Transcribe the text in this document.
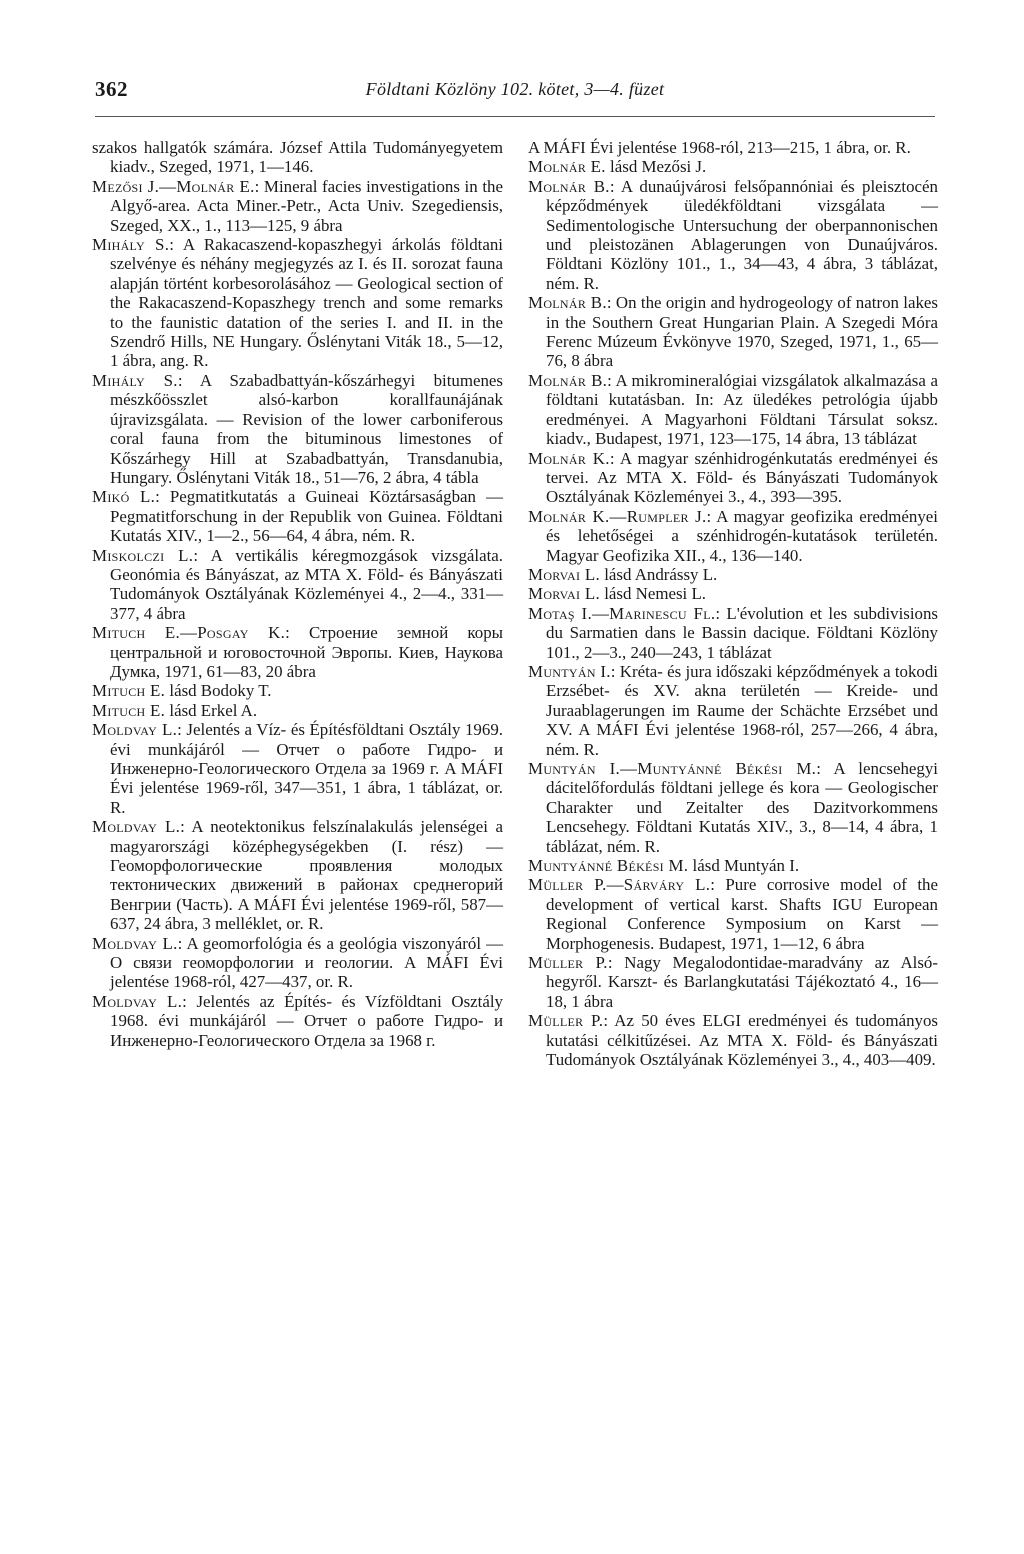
362	Földtani Közlöny 102. kötet, 3—4. füzet

szakos hallgatók számára. József Attila Tudományegyetem kiadv., Szeged, 1971, 1—146.

Mezősi J.—Molnár E.: Mineral facies investigations in the Algyő-area. Acta Miner.-Petr., Acta Univ. Szegediensis, Szeged, XX., 1., 113—125, 9 ábra

Mihály S.: A Rakacaszend-kopaszhegyi árkolás földtani szelvénye és néhány megjegyzés az I. és II. sorozat fauna alapján történt korbesorolásához — Geological section of the Rakacaszend-Kopaszhegy trench and some remarks to the faunistic datation of the series I. and II. in the Szendrő Hills, NE Hungary. Őslénytani Viták 18., 5—12, 1 ábra, ang. R.

Mihály S.: A Szabadbattyán-kőszárhegyi bitumenes mészkőösszlet alsó-karbon korallfaunájának újravizsgálata. — Revision of the lower carboniferous coral fauna from the bituminous limestones of Kőszárhegy Hill at Szabadbattyán, Transdanubia, Hungary. Őslénytani Viták 18., 51—76, 2 ábra, 4 tábla

Mikó L.: Pegmatitkutatás a Guineai Köztársaságban — Pegmatitforschung in der Republik von Guinea. Földtani Kutatás XIV., 1—2., 56—64, 4 ábra, ném. R.

Miskolczi L.: A vertikális kéregmozgások vizsgálata. Geonómia és Bányászat, az MTA X. Föld- és Bányászati Tudományok Osztályának Közleményei 4., 2—4., 331—377, 4 ábra

Mituch E.—Posgay K.: Строение земной коры центральной и юговосточной Эвропы. Киев, Наукова Думка, 1971, 61—83, 20 ábra

Mituch E. lásd Bodoky T.

Mituch E. lásd Erkel A.

Moldvay L.: Jelentés a Víz- és Építésföldtani Osztály 1969. évi munkájáról — Отчет о работе Гидро- и Инженерно-Геологического Отдела за 1969 г. A MÁFI Évi jelentése 1969-ről, 347—351, 1 ábra, 1 táblázat, or. R.

Moldvay L.: A neotektonikus felszínalakulás jelenségei a magyarországi középhegységekben (I. rész) — Геоморфологические проявления молодых тектонических движений в районах среднегорий Венгрии (Часть). A MÁFI Évi jelentése 1969-ről, 587—637, 24 ábra, 3 melléklet, or. R.

Moldvay L.: A geomorfológia és a geológia viszonyáról — О связи геоморфологии и геологии. A MÁFI Évi jelentése 1968-ról, 427—437, or. R.

Moldvay L.: Jelentés az Építés- és Vízföldtani Osztály 1968. évi munkájáról — Отчет о работе Гидро- и Инженерно-Геологического Отдела за 1968 г.

A MÁFI Évi jelentése 1968-ról, 213—215, 1 ábra, or. R.

Molnár E. lásd Mezősi J.

Molnár B.: A dunaújvárosi felsőpannóniai és pleisztocén képződmények üledékföldtani vizsgálata — Sedimentologische Untersuchung der oberpannonischen und pleistozänen Ablagerungen von Dunaújváros. Földtani Közlöny 101., 1., 34—43, 4 ábra, 3 táblázat, ném. R.

Molnár B.: On the origin and hydrogeology of natron lakes in the Southern Great Hungarian Plain. A Szegedi Móra Ferenc Múzeum Évkönyve 1970, Szeged, 1971, 1., 65—76, 8 ábra

Molnár B.: A mikromineralógiai vizsgálatok alkalmazása a földtani kutatásban. In: Az üledékes petrológia újabb eredményei. A Magyarhoni Földtani Társulat soksz. kiadv., Budapest, 1971, 123—175, 14 ábra, 13 táblázat

Molnár K.: A magyar szénhidrogénkutatás eredményei és tervei. Az MTA X. Föld- és Bányászati Tudományok Osztályának Közleményei 3., 4., 393—395.

Molnár K.—Rumpler J.: A magyar geofizika eredményei és lehetőségei a szénhidrogén-kutatások területén. Magyar Geofizika XII., 4., 136—140.

Morvai L. lásd Andrássy L.

Morvai L. lásd Nemesi L.

Motaş I.—Marinescu Fl.: L'évolution et les subdivisions du Sarmatien dans le Bassin dacique. Földtani Közlöny 101., 2—3., 240—243, 1 táblázat

Muntyán I.: Kréta- és jura időszaki képződmények a tokodi Erzsébet- és XV. akna területén — Kreide- und Juraablagerungen im Raume der Schächte Erzsébet und XV. A MÁFI Évi jelentése 1968-ról, 257—266, 4 ábra, ném. R.

Muntyán I.—Muntyánné Békési M.: A lencsehegyi dácitelőfordulás földtani jellege és kora — Geologischer Charakter und Zeitalter des Dazitvorkommens Lencsehegy. Földtani Kutatás XIV., 3., 8—14, 4 ábra, 1 táblázat, ném. R.

Muntyánné Békési M. lásd Muntyán I.

Müller P.—Sárváry L.: Pure corrosive model of the development of vertical karst. Shafts IGU European Regional Conference Symposium on Karst — Morphogenesis. Budapest, 1971, 1—12, 6 ábra

Müller P.: Nagy Megalodontidae-maradvány az Alsó-hegyről. Karszt- és Barlangkutatási Tájékoztató 4., 16—18, 1 ábra

Müller P.: Az 50 éves ELGI eredményei és tudományos kutatási célkitűzései. Az MTA X. Föld- és Bányászati Tudományok Osztályának Közleményei 3., 4., 403—409.
